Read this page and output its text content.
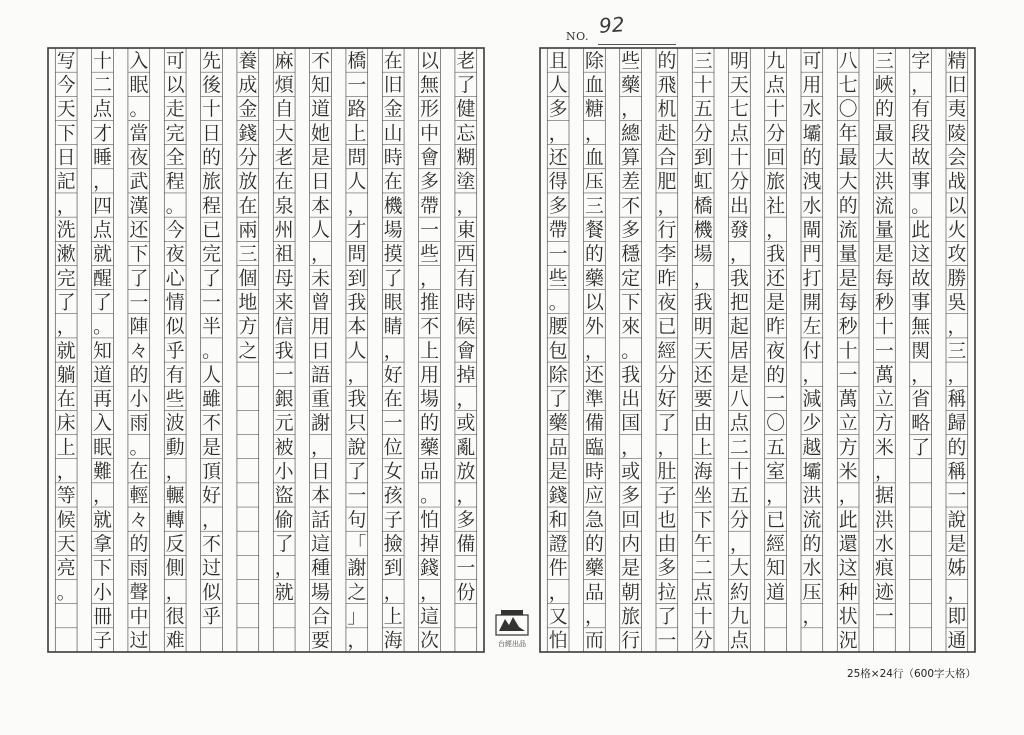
老
了
健
忘
糊
塗
，
東
西
有
時
候
會
掉
，
或
亂
放
，
多
備
一
份
以
無
形
中
會
多
帶
一
些
，
推
不
上
用
場
的
藥
品
。
怕
掉
錢
，
這
次
在
旧
金
山
時
在
機
場
摸
了
眼
睛
，
好
在
一
位
女
孩
子
撿
到
，
上
海
橋
一
路
上
問
人
，
才
問
到
我
本
人
，
我
只
說
了
一
句
「
謝
之
」
，
不
知
道
她
是
日
本
人
，
未
曾
用
日
語
重
謝
，
日
本
話
這
種
場
合
要
麻
煩
自
大
老
在
泉
州
祖
母
来
信
我
一
銀
元
被
小
盜
偷
了
，
就
養
成
金
錢
分
放
在
兩
三
個
地
方
之
先
後
十
日
的
旅
程
已
完
了
一
半
。
人
雖
不
是
頂
好
，
不
过
似
乎
可
以
走
完
全
程
。
今
夜
心
情
似
乎
有
些
波
動
，
輾
轉
反
側
，
很
难
入
眠
。
當
夜
武
漢
还
下
了
一
陣
々
的
小
雨
。
在
輕
々
的
雨
聲
中
过
十
二
点
才
睡
，
四
点
就
醒
了
。
知
道
再
入
眠
難
，
就
拿
下
小
冊
子
写
今
天
下
日
記
，
洗
漱
完
了
，
就
躺
在
床
上
，
等
候
天
亮
。
精
旧
夷
陵
会
战
以
火
攻
勝
吳
，
三
，
稱
歸
的
稱
一
說
是
姊
，
即
通
字
，
有
段
故
事
。
此
这
故
事
無
関
，
省
略
了
三
峽
的
最
大
洪
流
量
是
每
秒
十
一
萬
立
方
米
，
据
洪
水
痕
迹
一
八
七
〇
年
最
大
的
流
量
是
每
秒
十
一
萬
立
方
米
，
此
還
这
种
状
況
可
用
水
壩
的
洩
水
閘
門
打
開
左
付
，
減
少
越
壩
洪
流
的
水
压
，
九
点
十
分
回
旅
社
，
我
还
是
昨
夜
的
一
〇
五
室
，
已
經
知
道
明
天
七
点
十
分
出
發
，
我
把
起
居
是
八
点
二
十
五
分
，
大
約
九
点
三
十
五
分
到
虹
橋
機
場
，
我
明
天
还
要
由
上
海
坐
下
午
二
点
十
分
的
飛
机
赴
合
肥
，
行
李
昨
夜
已
經
分
好
了
，
肚
子
也
由
多
拉
了
一
些
藥
，
總
算
差
不
多
穩
定
下
來
。
我
出
国
，
或
多
回
内
是
朝
旅
行
除
血
糖
，
血
压
三
餐
的
藥
以
外
，
还
準
備
臨
時
应
急
的
藥
品
，
而
且
人
多
，
还
得
多
帶
一
些
。
腰
包
除
了
藥
品
是
錢
和
證
件
，
又
怕
NO. 92
台經出品
25格×24行（600字大格）
